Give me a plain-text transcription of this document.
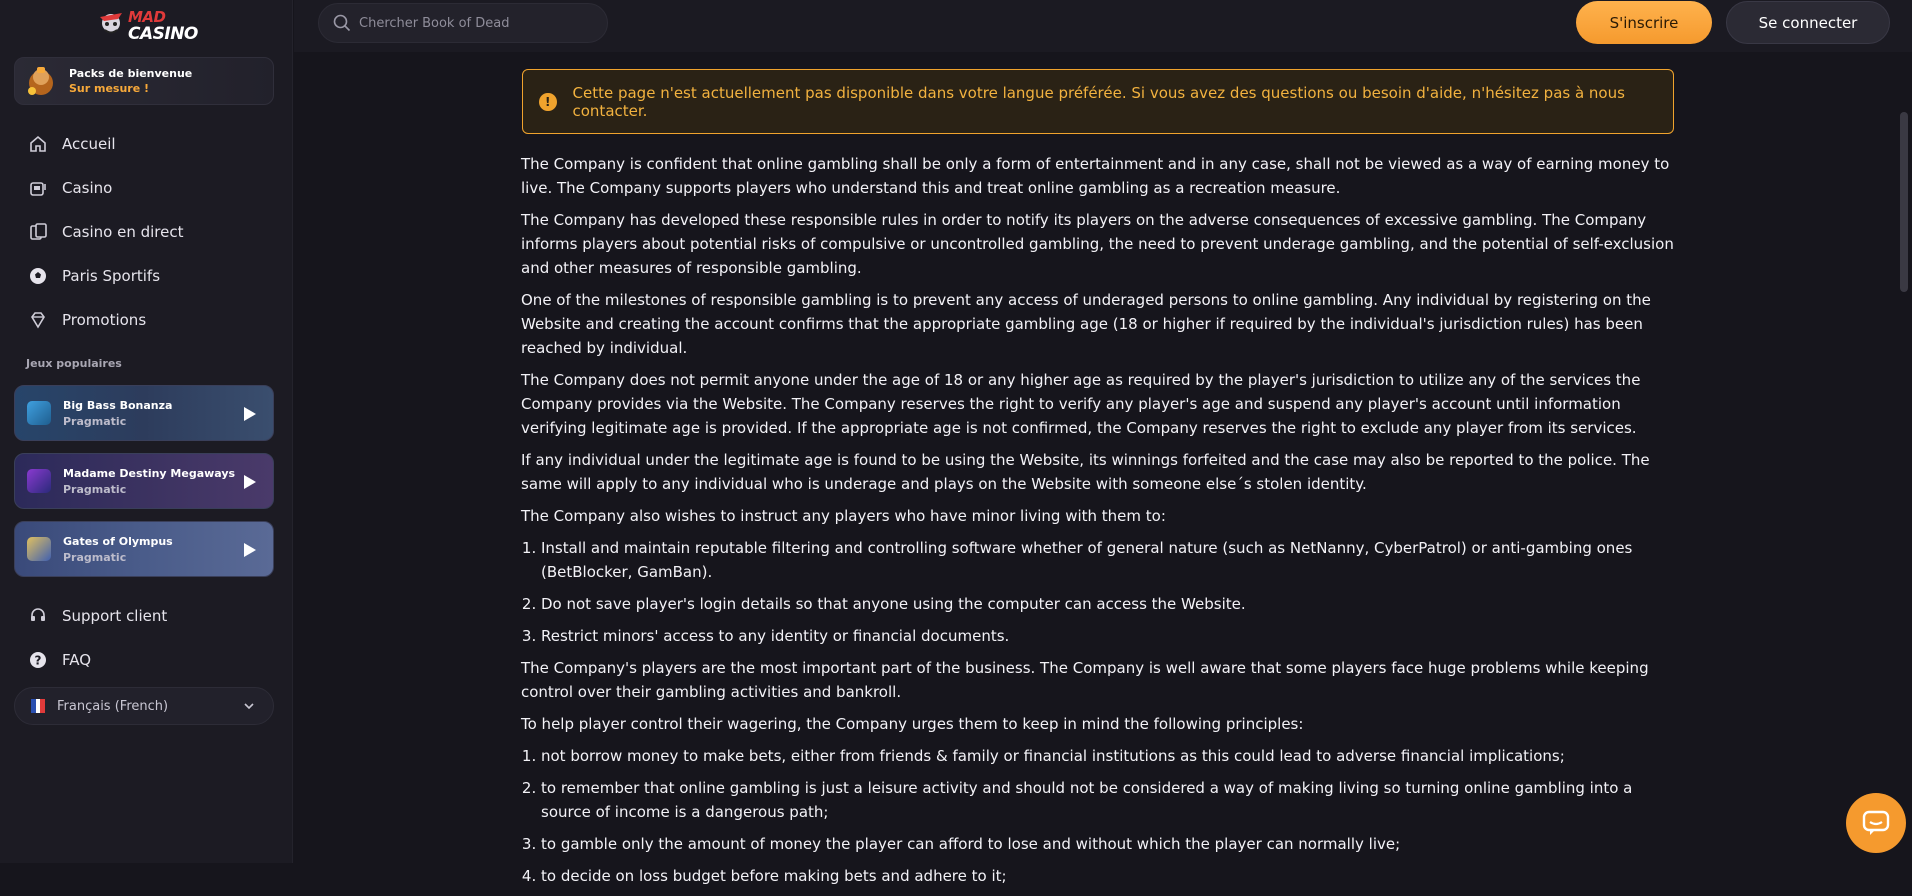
MAD
CASINO
Packs de bienvenue
Sur mesure !
Accueil
Casino
Casino en direct
Paris Sportifs
Promotions
Jeux populaires
Big Bass Bonanza
Pragmatic
Madame Destiny Megaways
Pragmatic
Gates of Olympus
Pragmatic
Support client
? FAQ
Français (French)
Chercher
Book of Dead	S'inscrire	Se connecter
!	Cette page n'est actuellement pas disponible dans votre langue préférée. Si vous avez des questions ou besoin d'aide, n'hésitez pas à nous contacter.

The Company is confident that online gambling shall be only a form of entertainment and in any case, shall not be viewed as a way of earning money to live. The Company supports players who understand this and treat online gambling as a recreation measure.

The Company has developed these responsible rules in order to notify its players on the adverse consequences of excessive gambling. The Company informs players about potential risks of compulsive or uncontrolled gambling, the need to prevent underage gambling, and the potential of self-exclusion and other measures of responsible gambling.

One of the milestones of responsible gambling is to prevent any access of underaged persons to online gambling. Any individual by registering on the Website and creating the account confirms that the appropriate gambling age (18 or higher if required by the individual's jurisdiction rules) has been reached by individual.

The Company does not permit anyone under the age of 18 or any higher age as required by the player's jurisdiction to utilize any of the services the Company provides via the Website. The Company reserves the right to verify any player's age and suspend any player's account until information verifying legitimate age is provided. If the appropriate age is not confirmed, the Company reserves the right to exclude any player from its services.

If any individual under the legitimate age is found to be using the Website, its winnings forfeited and the case may also be reported to the police. The same will apply to any individual who is underage and plays on the Website with someone else´s stolen identity.

The Company also wishes to instruct any players who have minor living with them to:

1. Install and maintain reputable filtering and controlling software whether of general nature (such as NetNanny, CyberPatrol) or anti-gambing ones (BetBlocker, GamBan).
2. Do not save player's login details so that anyone using the computer can access the Website.
3. Restrict minors' access to any identity or financial documents.

The Company's players are the most important part of the business. The Company is well aware that some players face huge problems while keeping control over their gambling activities and bankroll.

To help player control their wagering, the Company urges them to keep in mind the following principles:

1. not borrow money to make bets, either from friends & family or financial institutions as this could lead to adverse financial implications;
2. to remember that online gambling is just a leisure activity and should not be considered a way of making living so turning online gambling into a source of income is a dangerous path;
3. to gamble only the amount of money the player can afford to lose and without which the player can normally live;
4. to decide on loss budget before making bets and adhere to it;
